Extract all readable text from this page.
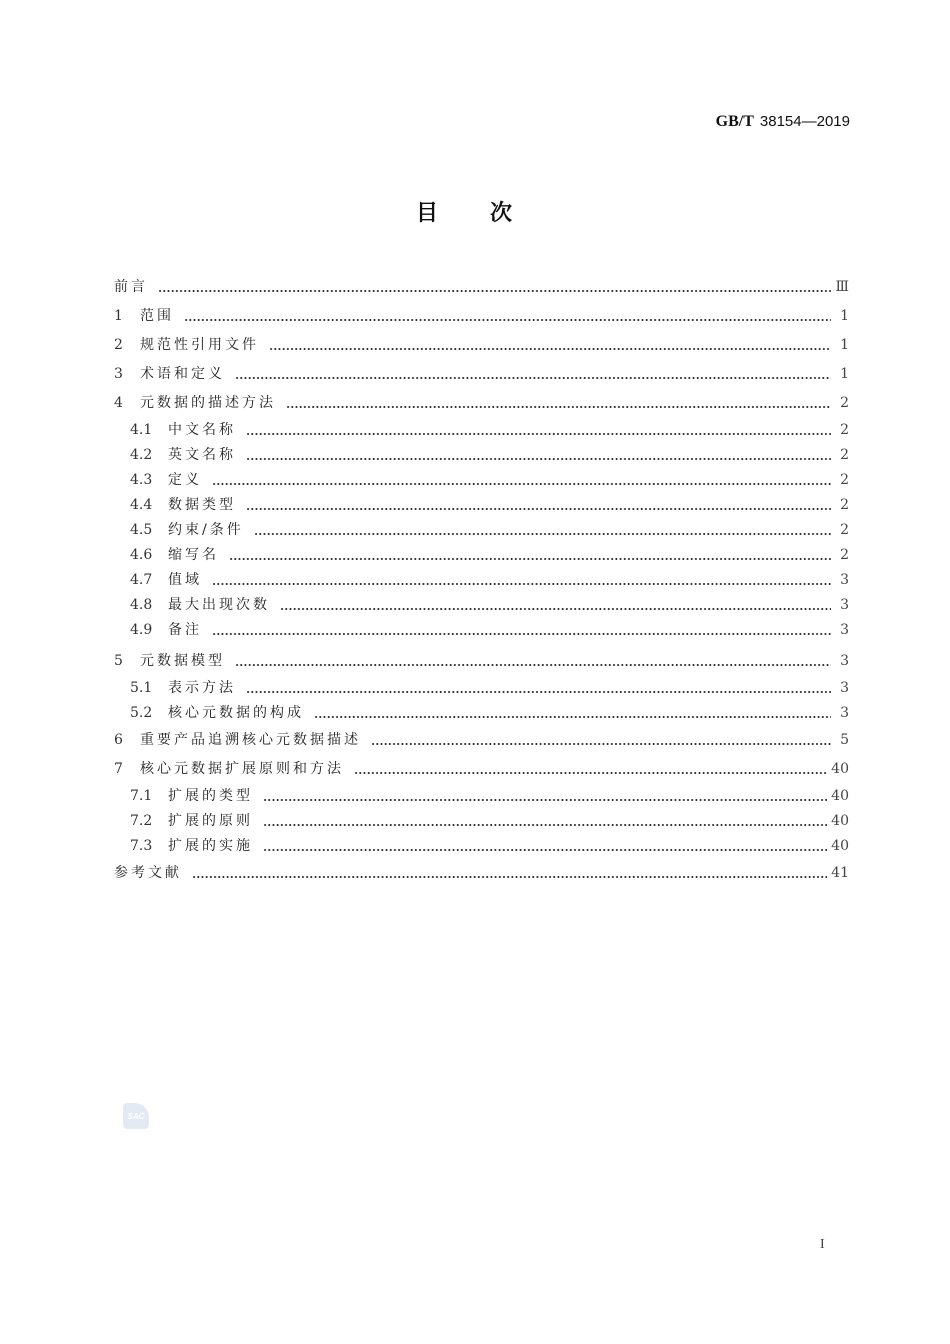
GB/T 38154—2019
目次
前言	Ⅲ
1	范围	1
2	规范性引用文件	1
3	术语和定义	1
4	元数据的描述方法	2
4.1	中文名称	2
4.2	英文名称	2
4.3	定义	2
4.4	数据类型	2
4.5	约束/条件	2
4.6	缩写名	2
4.7	值域	3
4.8	最大出现次数	3
4.9	备注	3
5	元数据模型	3
5.1	表示方法	3
5.2	核心元数据的构成	3
6	重要产品追溯核心元数据描述	5
7	核心元数据扩展原则和方法	40
7.1	扩展的类型	40
7.2	扩展的原则	40
7.3	扩展的实施	40
参考文献	41
SAC
I
